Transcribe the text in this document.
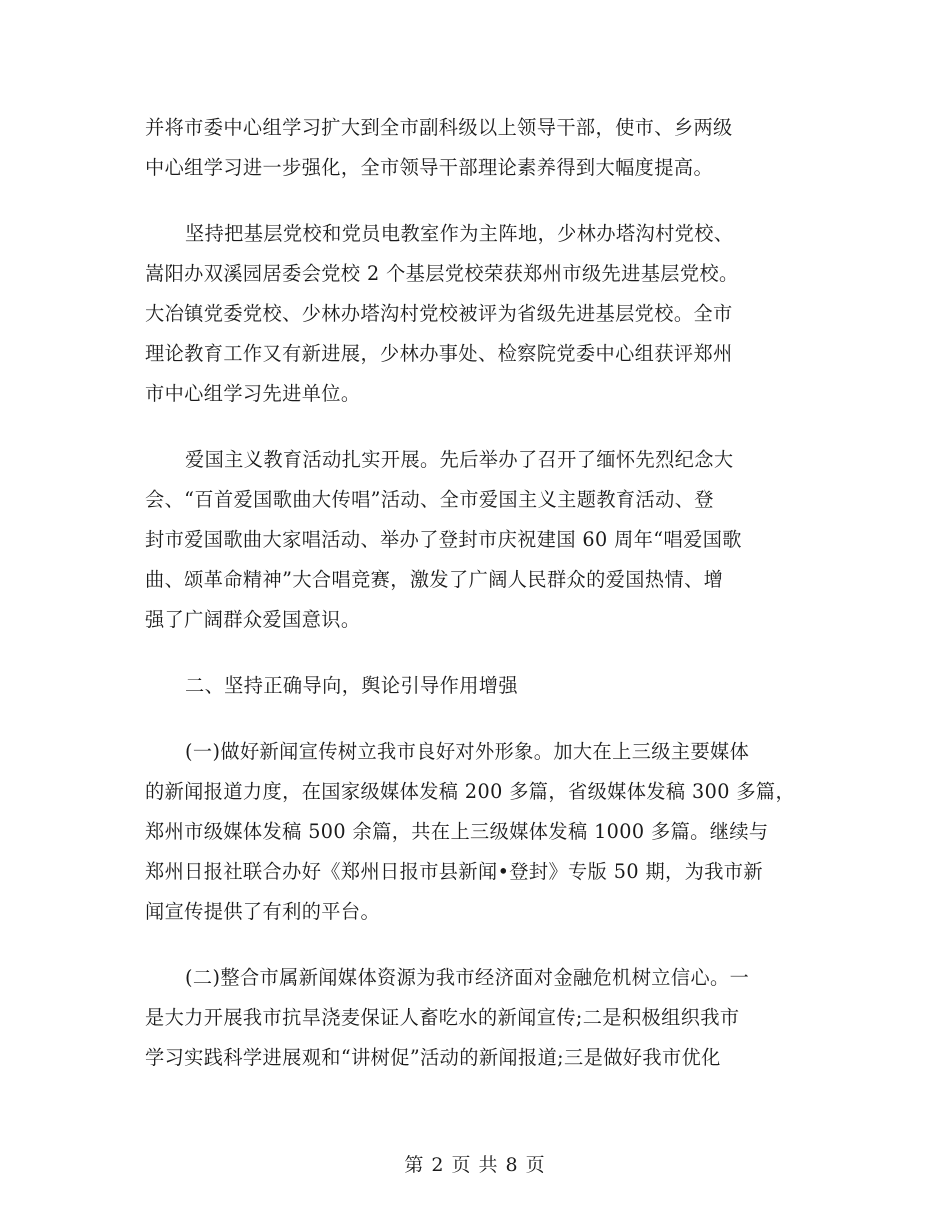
并将市委中心组学习扩大到全市副科级以上领导干部，使市、乡两级
中心组学习进一步强化，全市领导干部理论素养得到大幅度提高。
坚持把基层党校和党员电教室作为主阵地，少林办塔沟村党校、
嵩阳办双溪园居委会党校 2 个基层党校荣获郑州市级先进基层党校。
大冶镇党委党校、少林办塔沟村党校被评为省级先进基层党校。全市
理论教育工作又有新进展，少林办事处、检察院党委中心组获评郑州
市中心组学习先进单位。
爱国主义教育活动扎实开展。先后举办了召开了缅怀先烈纪念大
会、“百首爱国歌曲大传唱”活动、全市爱国主义主题教育活动、登
封市爱国歌曲大家唱活动、举办了登封市庆祝建国 60 周年“唱爱国歌
曲、颂革命精神”大合唱竞赛，激发了广阔人民群众的爱国热情、增
强了广阔群众爱国意识。
二、坚持正确导向，舆论引导作用增强
(一)做好新闻宣传树立我市良好对外形象。加大在上三级主要媒体
的新闻报道力度，在国家级媒体发稿 200 多篇，省级媒体发稿 300 多篇，
郑州市级媒体发稿 500 余篇，共在上三级媒体发稿 1000 多篇。继续与
郑州日报社联合办好《郑州日报市县新闻•登封》专版 50 期，为我市新
闻宣传提供了有利的平台。
(二)整合市属新闻媒体资源为我市经济面对金融危机树立信心。一
是大力开展我市抗旱浇麦保证人畜吃水的新闻宣传;二是积极组织我市
学习实践科学进展观和“讲树促”活动的新闻报道;三是做好我市优化
第 2 页 共 8 页
